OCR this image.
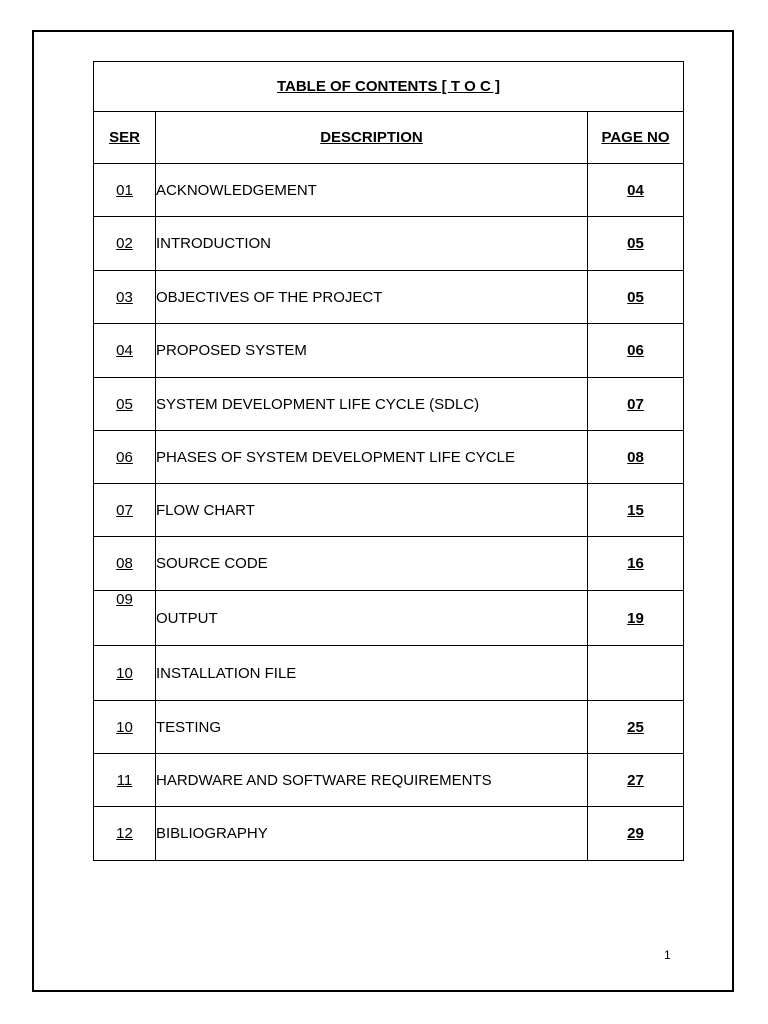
TABLE OF CONTENTS [ T O C ]		
SER	DESCRIPTION	PAGE NO
01	ACKNOWLEDGEMENT	04
02	INTRODUCTION	05
03	OBJECTIVES OF THE PROJECT	05
04	PROPOSED SYSTEM	06
05	SYSTEM DEVELOPMENT LIFE CYCLE (SDLC)	07
06	PHASES OF SYSTEM DEVELOPMENT LIFE CYCLE	08
07	FLOW CHART	15
08	SOURCE CODE	16
09	OUTPUT	19
10	INSTALLATION FILE	
10	TESTING	25
11	HARDWARE AND SOFTWARE REQUIREMENTS	27
12	BIBLIOGRAPHY	29
1
